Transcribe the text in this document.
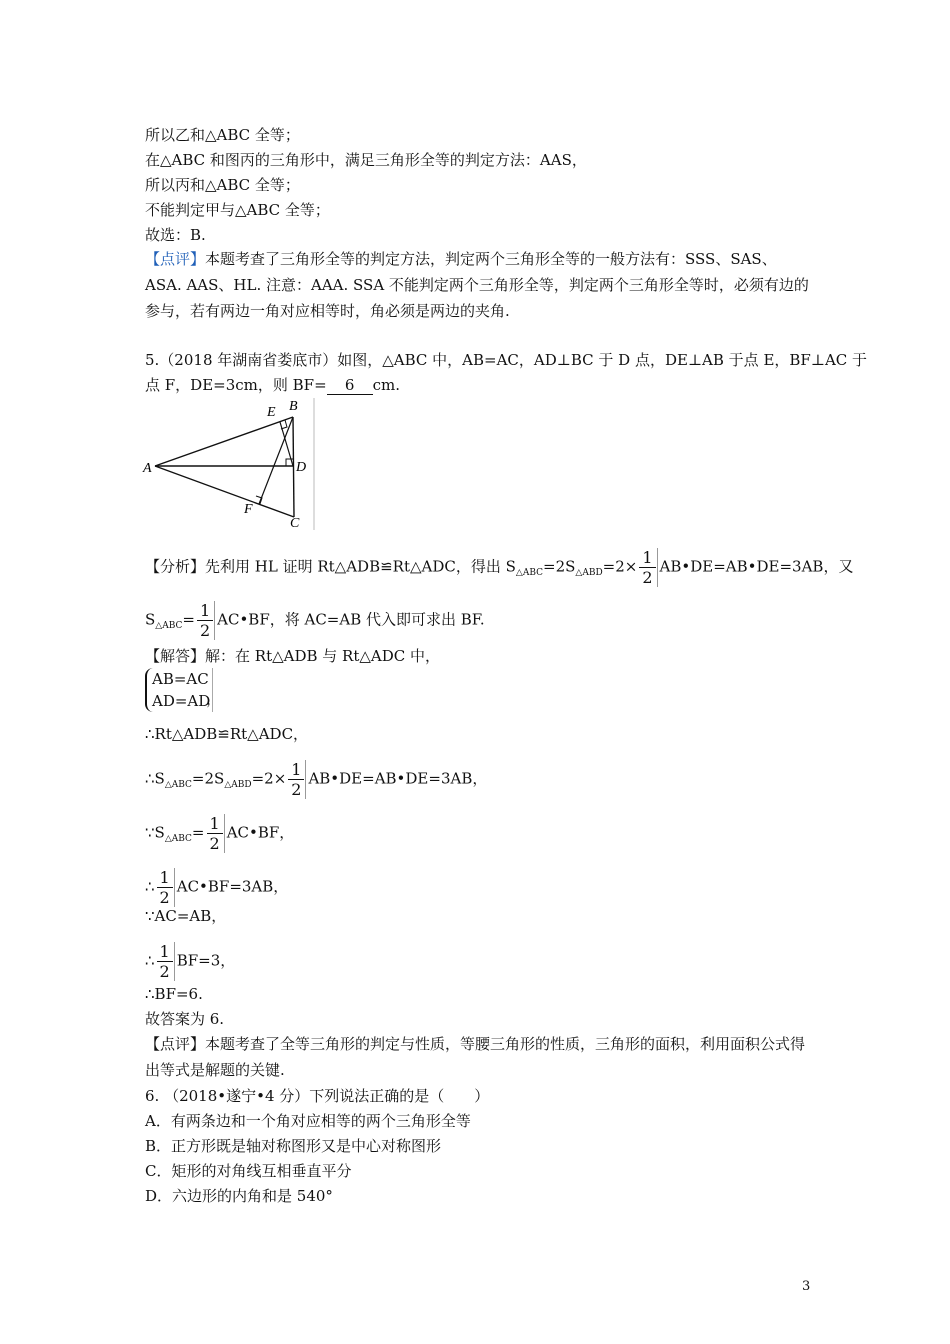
所以乙和△ABC 全等；
在△ABC 和图丙的三角形中，满足三角形全等的判定方法：AAS，
所以丙和△ABC 全等；
不能判定甲与△ABC 全等；
故选：B.
【点评】本题考查了三角形全等的判定方法，判定两个三角形全等的一般方法有：SSS、SAS、ASA. AAS、HL. 注意：AAA. SSA 不能判定两个三角形全等，判定两个三角形全等时，必须有边的参与，若有两边一角对应相等时，角必须是两边的夹角.
5.（2018 年湖南省娄底市）如图，△ABC 中，AB=AC，AD⊥BC 于 D 点，DE⊥AB 于点 E，BF⊥AC 于
点 F，DE=3cm，则 BF= 6 cm.
A
B
E
D
F
C
【分析】先利用 HL 证明 Rt△ADB≌Rt△ADC，得出 $S_{\triangle ABC}=2S_{\triangle ABD}=2\times \frac{1}{2}$ AB•DE=AB•DE=3AB，又
$S_{\triangle ABC}= \frac{1}{2}$ AC•BF，将 AC=AB 代入即可求出 BF.
【解答】解：在 Rt△ADB 与 Rt△ADC 中，
AB=AC
AD=AD
，
∴Rt△ADB≌Rt△ADC，
$\therefore S_{\triangle ABC}=2S_{\triangle ABD}=2\times \frac{1}{2}$ AB•DE=AB•DE=3AB，
$\because S_{\triangle ABC}= \frac{1}{2}$ AC•BF，
∴ $\frac{1}{2}$ AC•BF=3AB，
∵AC=AB，
∴ $\frac{1}{2} BF=3$，
∴BF=6.
故答案为 6.
【点评】本题考查了全等三角形的判定与性质，等腰三角形的性质，三角形的面积，利用面积公式得出等式是解题的关键.
6. （2018•遂宁•4 分）下列说法正确的是（　　）
A．有两条边和一个角对应相等的两个三角形全等
B．正方形既是轴对称图形又是中心对称图形
C．矩形的对角线互相垂直平分
D．六边形的内角和是 540°
3
